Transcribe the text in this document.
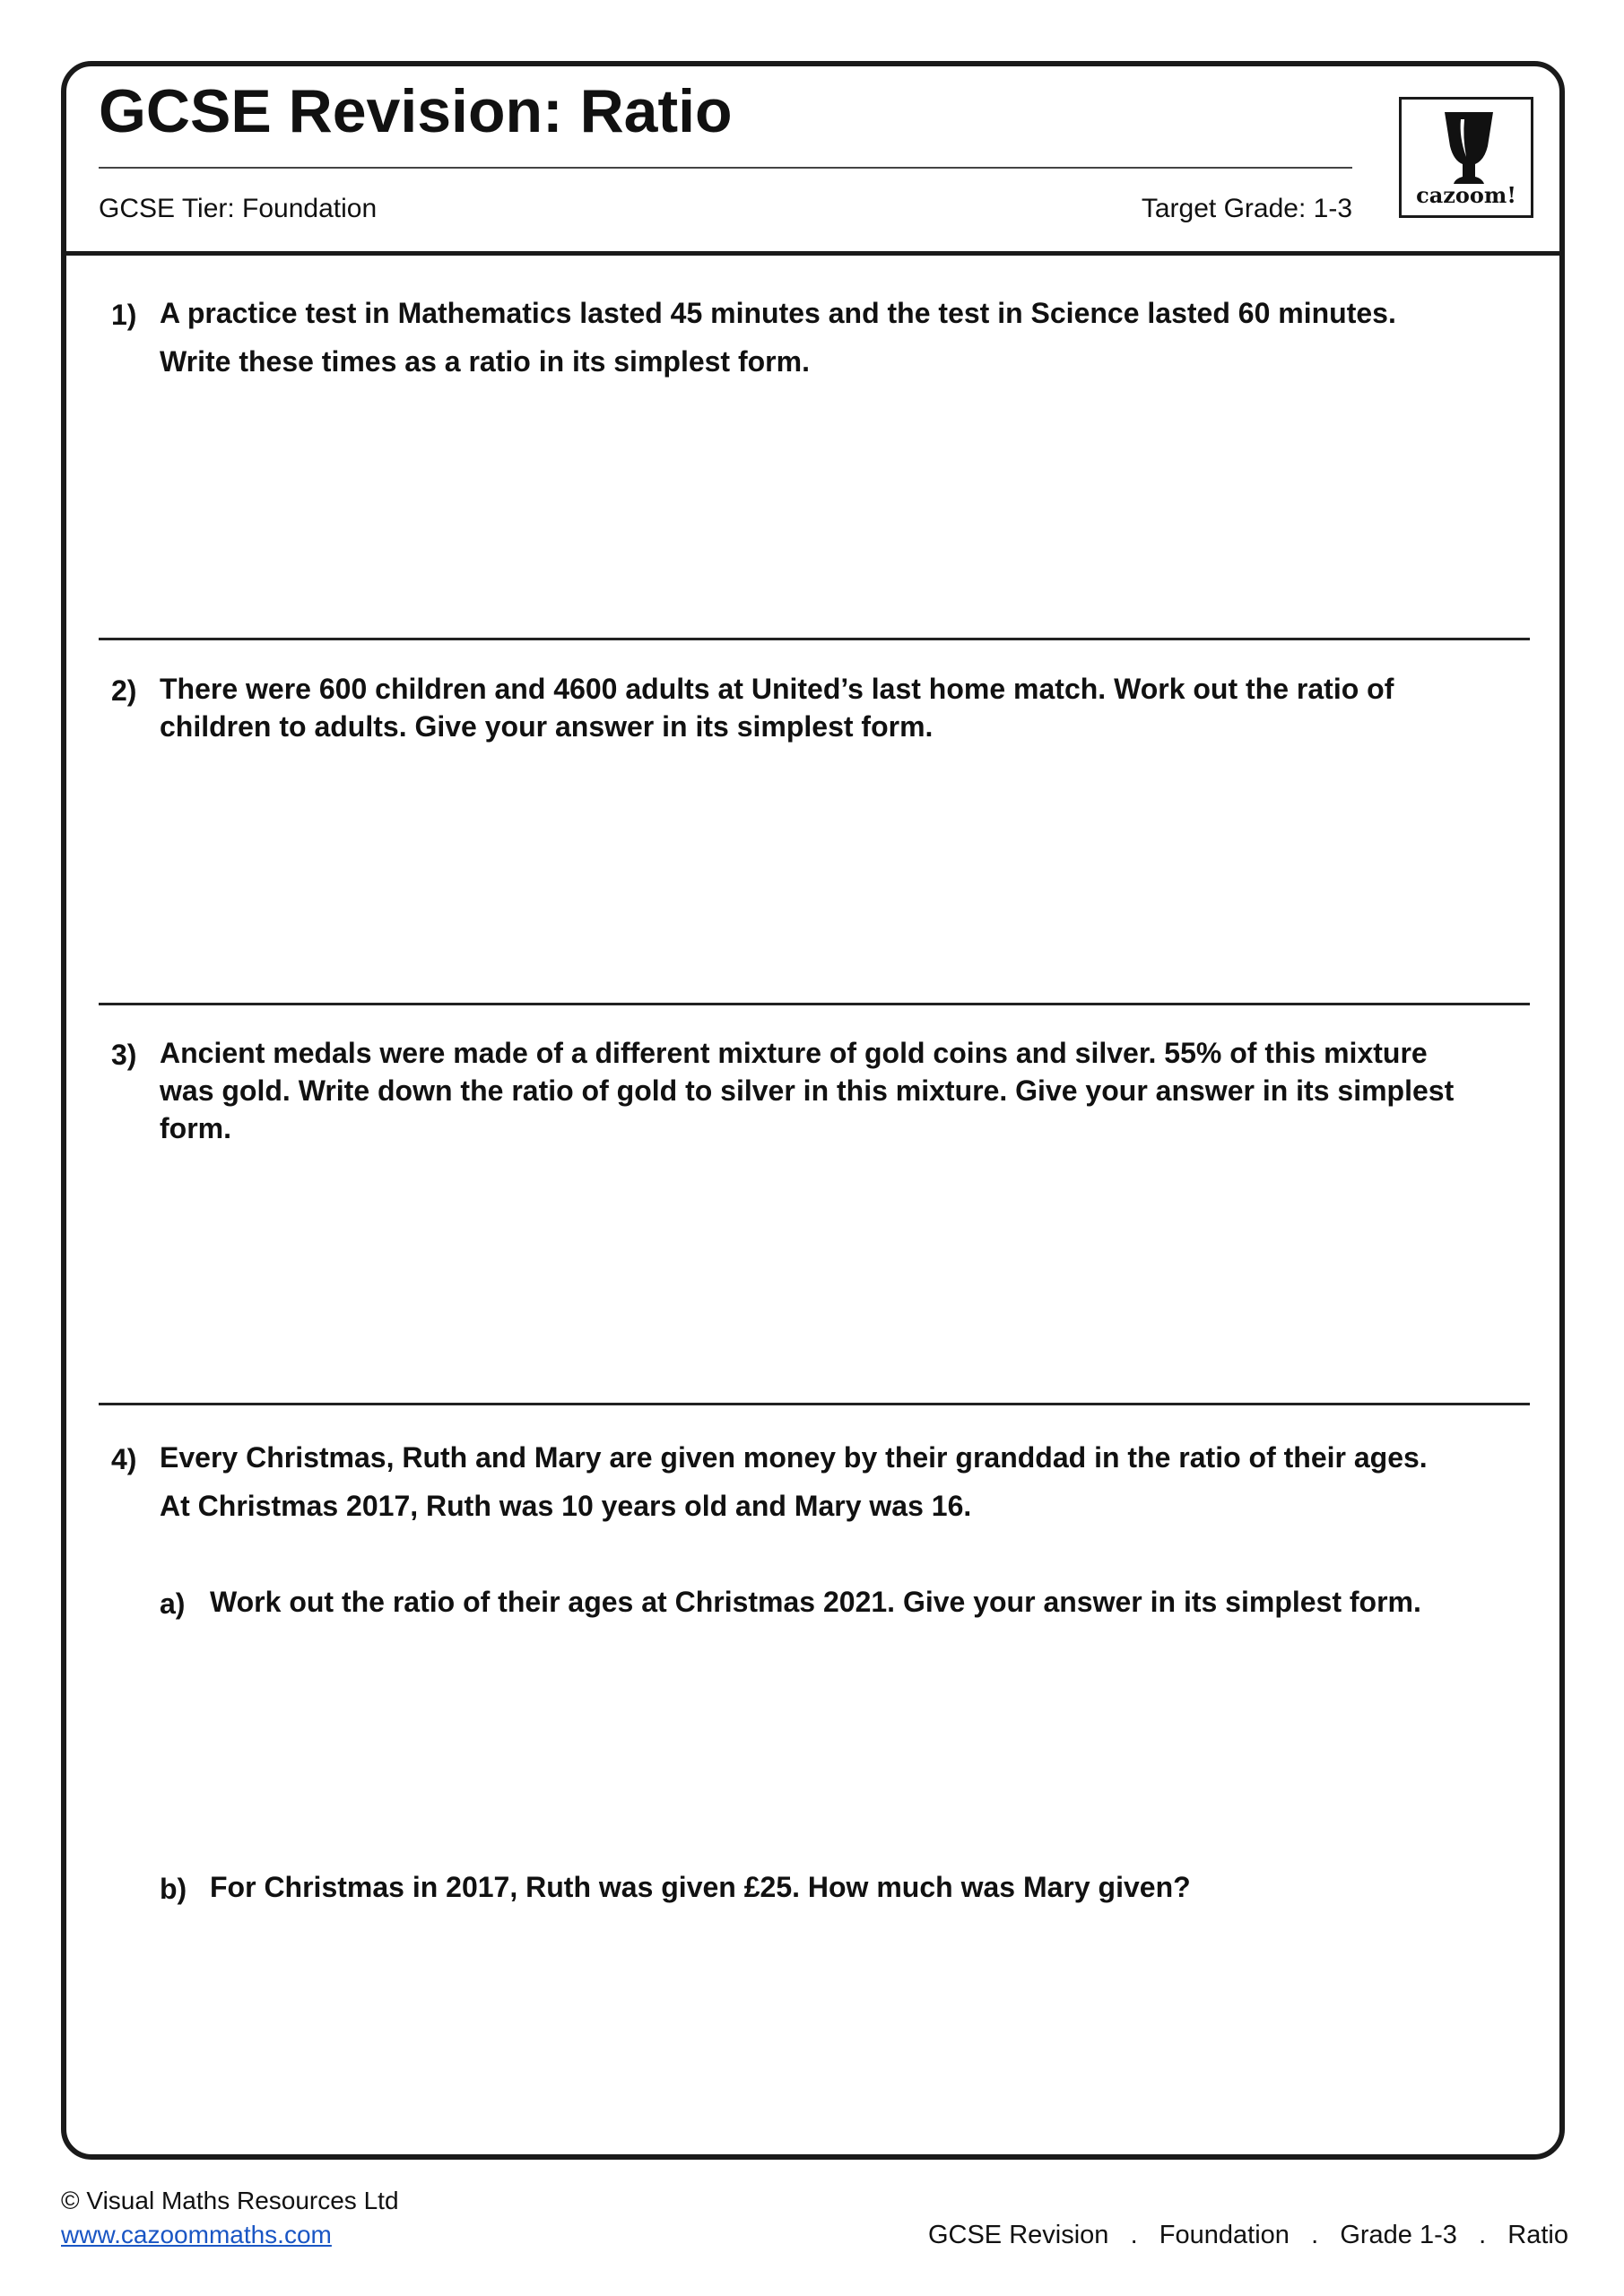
GCSE Revision: Ratio
GCSE Tier: Foundation	Target Grade: 1-3	cazoom!
1) A practice test in Mathematics lasted 45 minutes and the test in Science lasted 60 minutes.
Write these times as a ratio in its simplest form.
2) There were 600 children and 4600 adults at United’s last home match. Work out the ratio of
children to adults. Give your answer in its simplest form.
3) Ancient medals were made of a different mixture of gold coins and silver. 55% of this mixture
was gold. Write down the ratio of gold to silver in this mixture. Give your answer in its simplest
form.
4) Every Christmas, Ruth and Mary are given money by their granddad in the ratio of their ages.
At Christmas 2017, Ruth was 10 years old and Mary was 16.
a) Work out the ratio of their ages at Christmas 2021. Give your answer in its simplest form.
b) For Christmas in 2017, Ruth was given £25. How much was Mary given?
© Visual Maths Resources Ltd
www.cazoommaths.com	GCSE Revision   .   Foundation   .   Grade 1-3   .   Ratio
